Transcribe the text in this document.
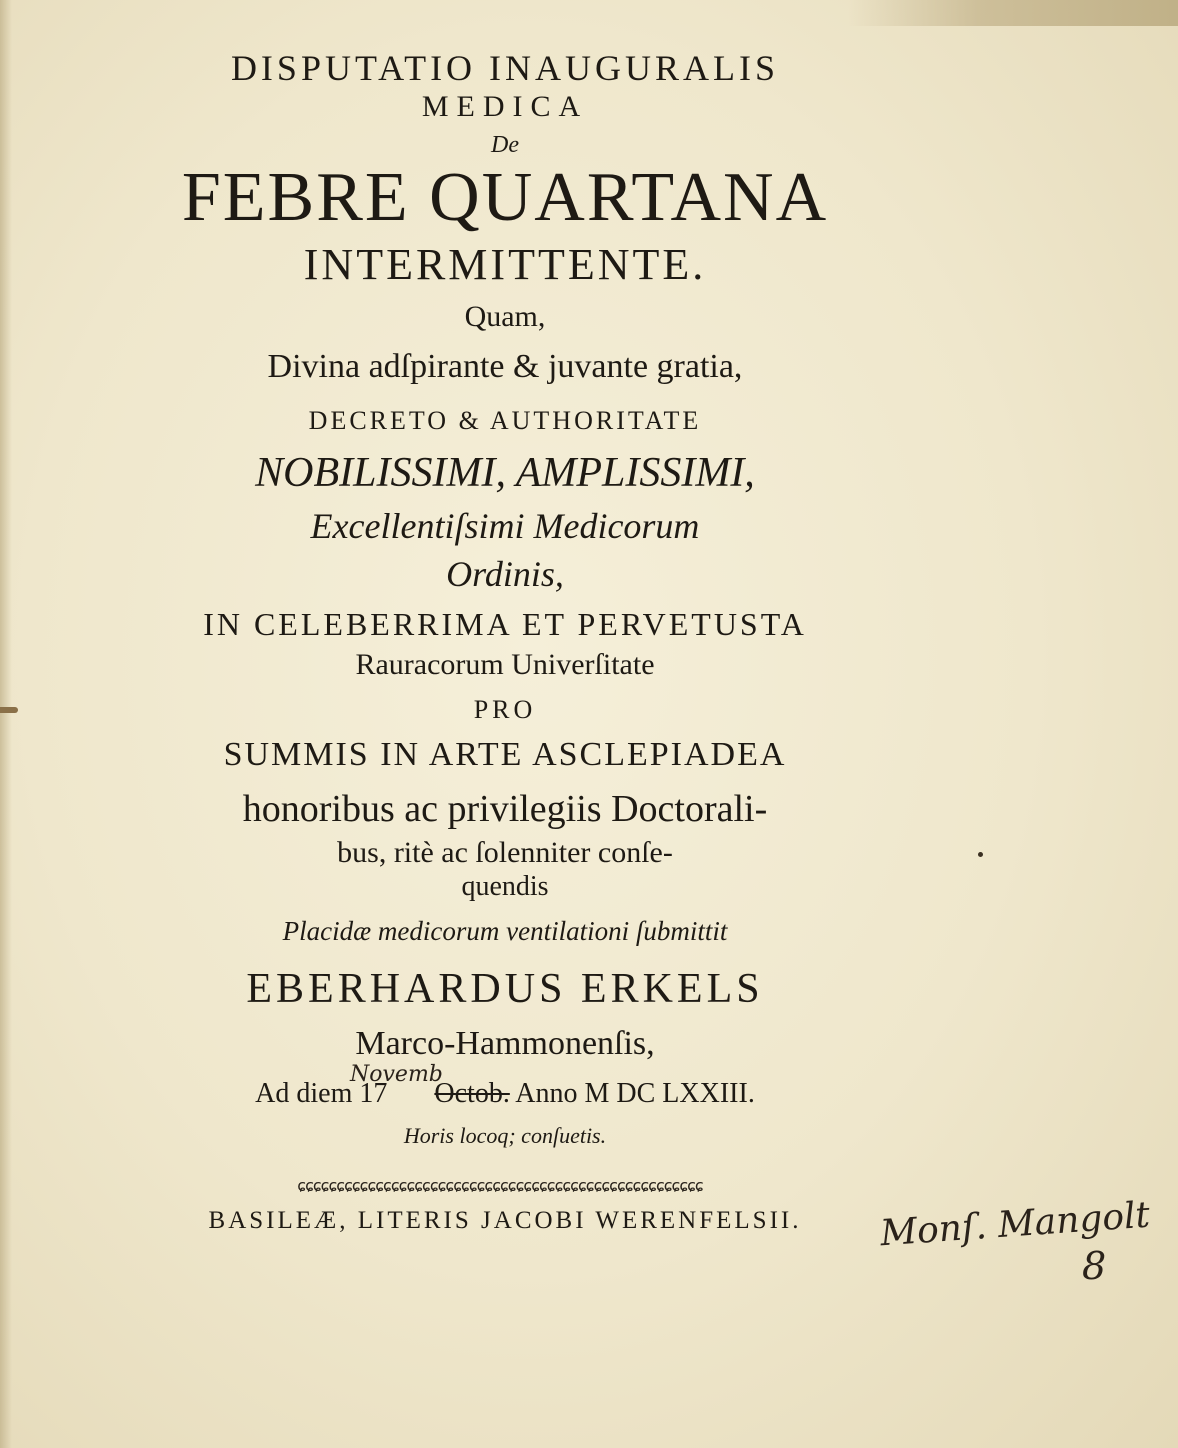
DISPUTATIO INAUGURALIS
MEDICA
De
FEBRE QUARTANA
INTERMITTENTE.
Quam,
Divina adſpirante & juvante gratia,
DECRETO & AUTHORITATE
NOBILISSIMI, AMPLISSIMI,
Excellentiſsimi Medicorum
Ordinis,
IN CELEBERRIMA ET PERVETUSTA
Rauracorum Univerſitate
PRO
SUMMIS IN ARTE ASCLEPIADEA
honoribus ac privilegiis Doctorali-
bus, ritè ac ſolenniter conſe-
quendis
Placidæ medicorum ventilationi ſubmittit
EBERHARDUS ERKELS
Marco-Hammonenſis,
Ad diem 17 Octob. Anno M DC LXXIII.
Novemb
Horis locoq; conſuetis.
ɕɕɕɕɕɕɕɕɕɕɕɕɕɕɕɕɕɕɕɕɕɕɕɕɕɕɕɕɕɕɕɕɕɕɕɕɕɕɕɕɕɕɕɕɕɕɕɕɕɕɕɕ
BASILEÆ, LITERIS JACOBI WERENFELSII.	Monſ. Mangolt
8
